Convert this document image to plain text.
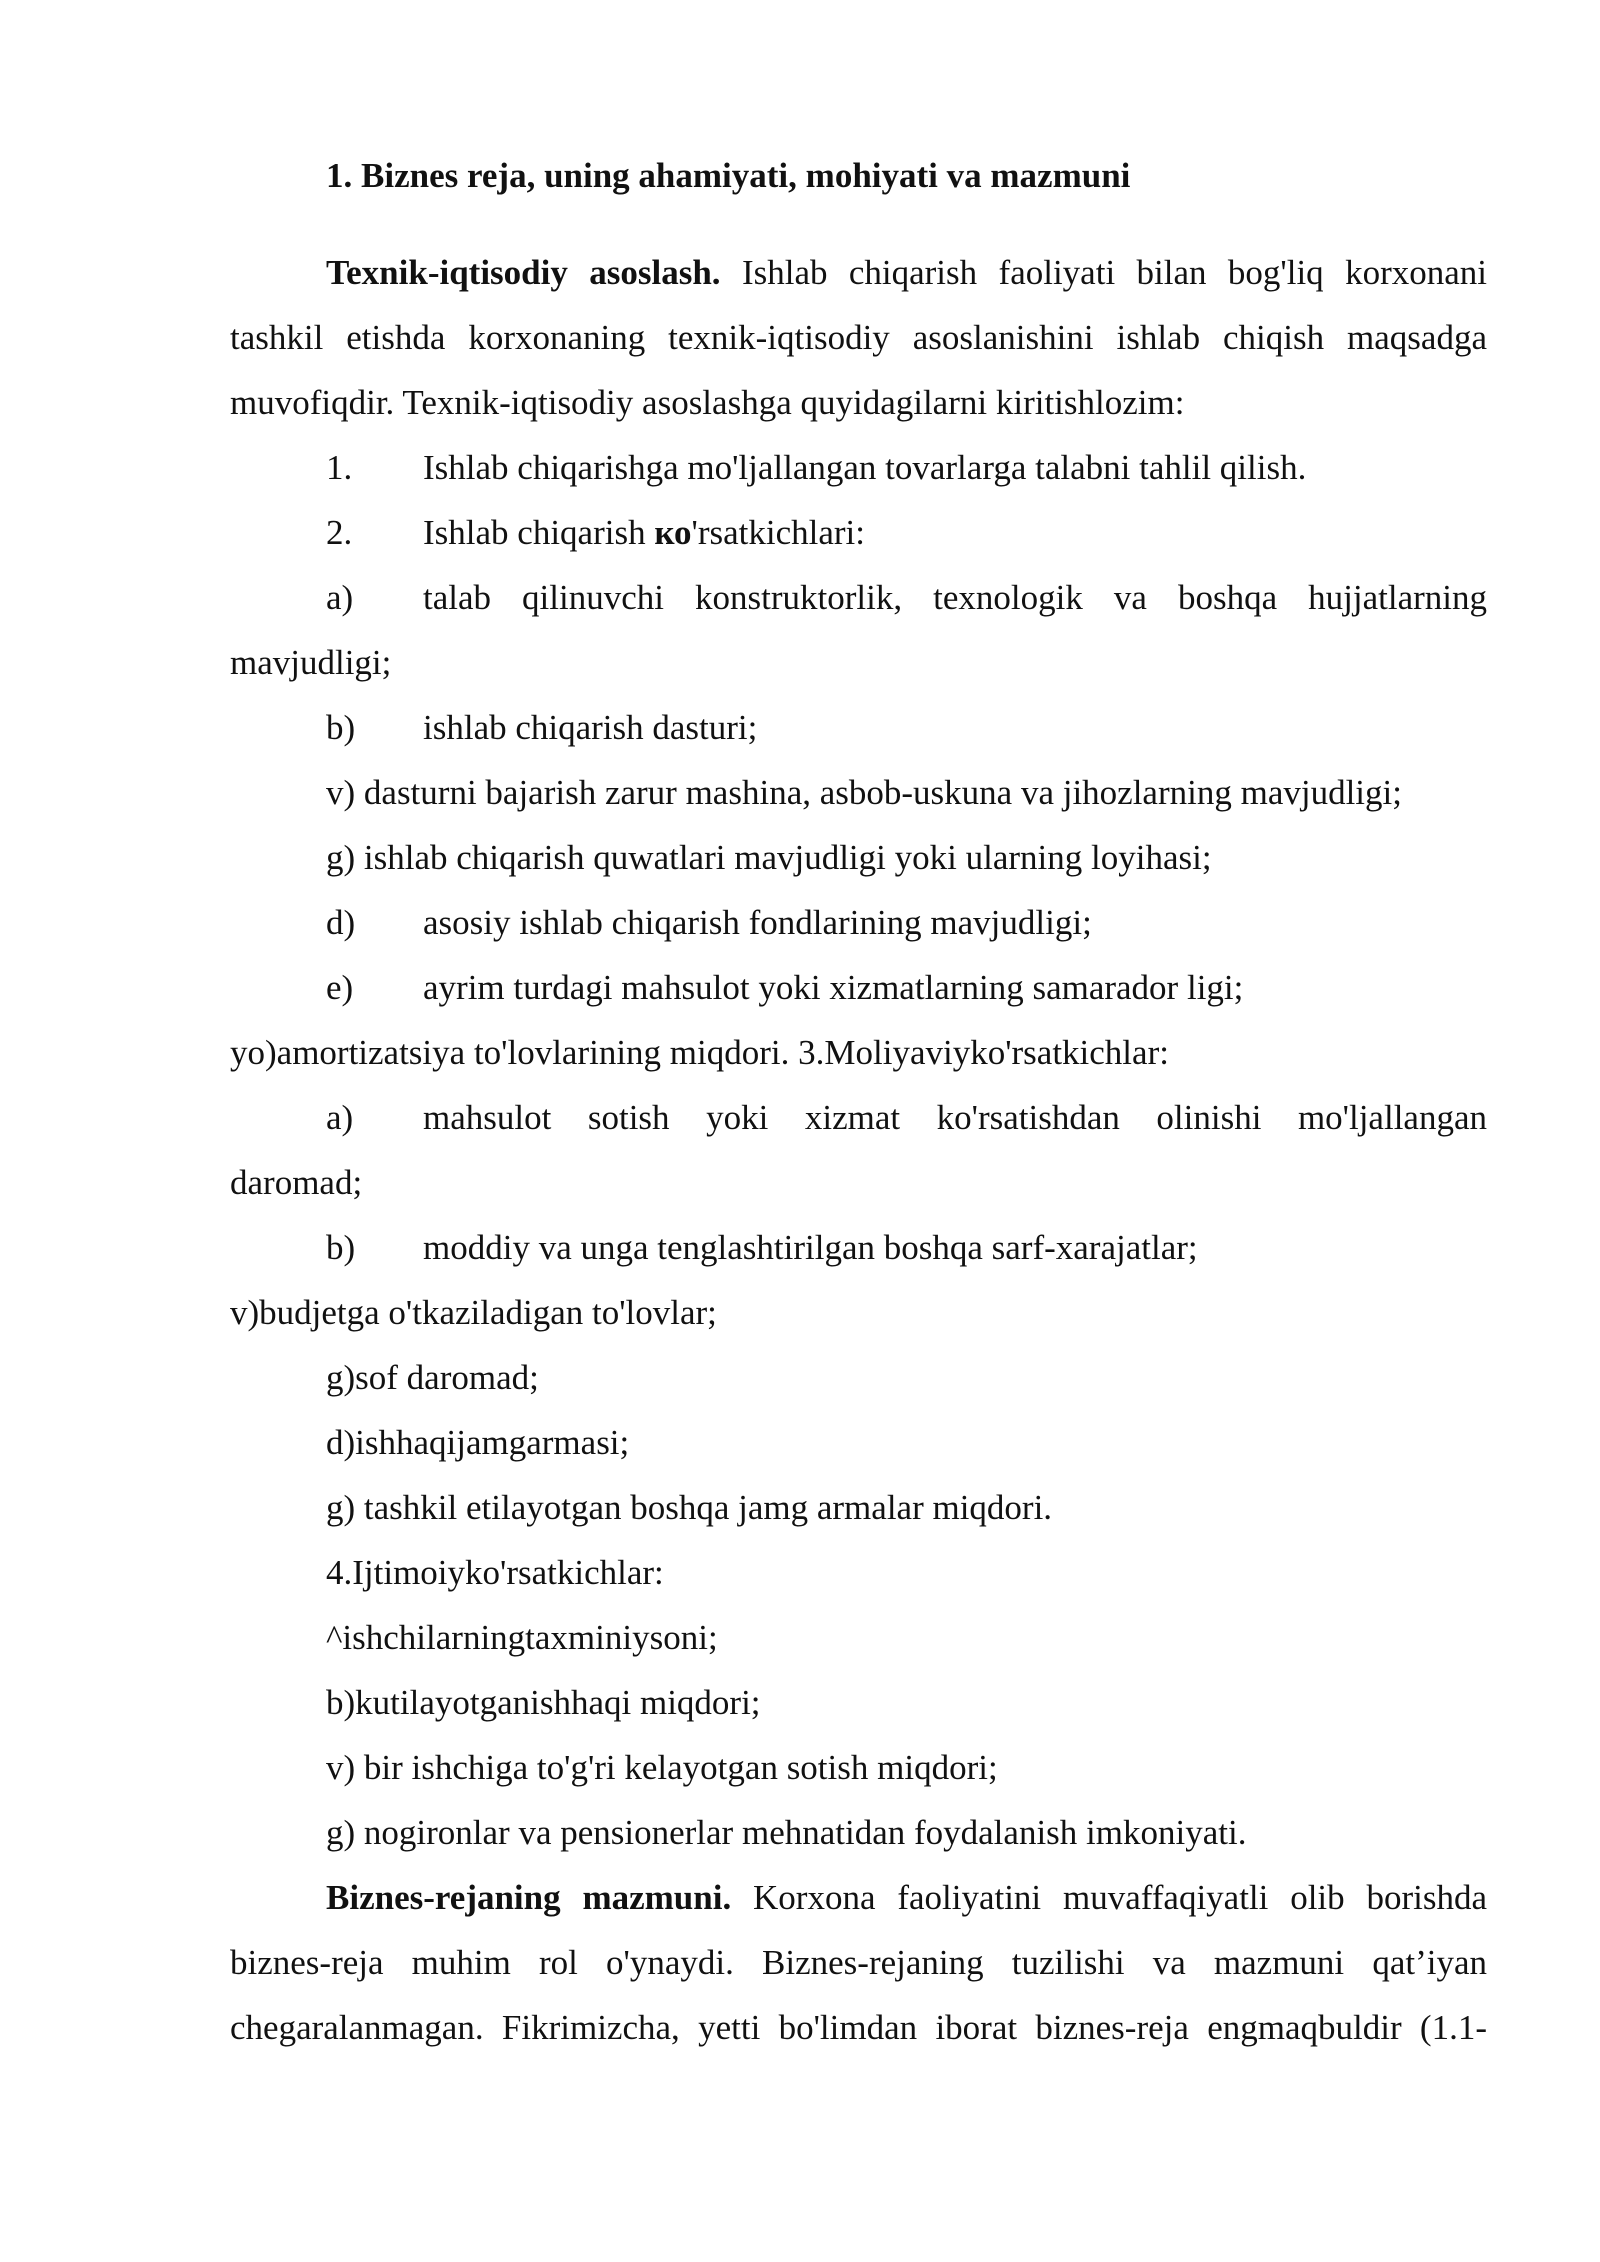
1. Biznes reja, uning ahamiyati, mohiyati va mazmuni
Texnik-iqtisodiy asoslash. Ishlab chiqarish faoliyati bilan bog'liq korxonani
tashkil etishda korxonaning texnik-iqtisodiy asoslanishini ishlab chiqish maqsadga
muvofiqdir. Texnik-iqtisodiy asoslashga quyidagilarni kiritishlozim:
1. Ishlab chiqarishga mo'ljallangan tovarlarga talabni tahlil qilish.
2. Ishlab chiqarish ко'rsatkichlari:
a) talab qilinuvchi konstruktorlik, texnologik va boshqa hujjatlarning
mavjudligi;
b) ishlab chiqarish dasturi;
v) dasturni bajarish zarur mashina, asbob-uskuna va jihozlarning mavjudligi;
g) ishlab chiqarish quwatlari mavjudligi yoki ularning loyihasi;
d) asosiy ishlab chiqarish fondlarining mavjudligi;
e) ayrim turdagi mahsulot yoki xizmatlarning samarador ligi;
yo)amortizatsiya to'lovlarining miqdori. 3.Moliyaviyko'rsatkichlar:
a) mahsulot sotish yoki xizmat ko'rsatishdan olinishi mo'ljallangan
daromad;
b) moddiy va unga tenglashtirilgan boshqa sarf-xarajatlar;
v)budjetga o'tkaziladigan to'lovlar;
g)sof daromad;
d)ishhaqijamgarmasi;
g) tashkil etilayotgan boshqa jamg armalar miqdori.
4.Ijtimoiyko'rsatkichlar:
^ishchilarningtaxminiysoni;
b)kutilayotganishhaqi miqdori;
v) bir ishchiga to'g'ri kelayotgan sotish miqdori;
g) nogironlar va pensionerlar mehnatidan foydalanish imkoniyati.
Biznes-rejaning mazmuni. Korxona faoliyatini muvaffaqiyatli olib borishda
biznes-reja muhim rol o'ynaydi. Biznes-rejaning tuzilishi va mazmuni qat’iyan
chegaralanmagan. Fikrimizcha, yetti bo'limdan iborat biznes-reja engmaqbuldir (1.1-
